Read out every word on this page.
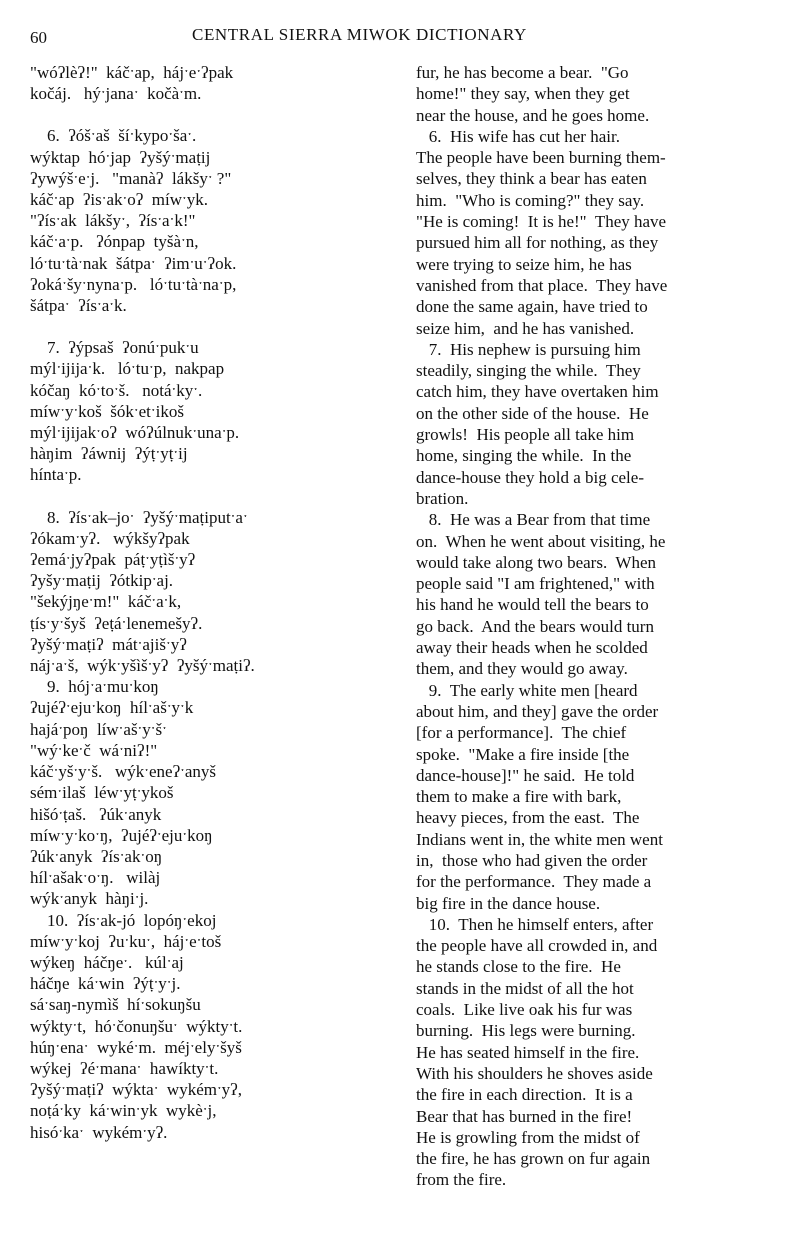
60	CENTRAL SIERRA MIWOK DICTIONARY
"wóʔlèʔ!"  káčˑap,  hájˑeˑʔpak
kočáj.   hýˑjanaˑ  kočàˑm.
6.  ʔóšˑaš  šíˑkypoˑšaˑ.
wýktap  hóˑjap  ʔyšýˑmaṭij
ʔywýšˑeˑj.   "manàʔ  lákšyˑ ?"
káčˑap  ʔisˑakˑoʔ  míwˑyk.
"ʔísˑak  lákšyˑ,  ʔísˑaˑk!"
káčˑaˑp.   ʔónpap  tyšàˑn,
lóˑtuˑtàˑnak  šátpaˑ  ʔimˑuˑʔok.
ʔokáˑšyˑnynaˑp.   lóˑtuˑtàˑnaˑp,
šátpaˑ  ʔísˑaˑk.
7.  ʔýpsaš  ʔonúˑpukˑu
mýlˑijijaˑk.   lóˑtuˑp,  nakpap
kóčaŋ  kóˑtoˑš.   notáˑkyˑ.
míwˑyˑkoš  šókˑetˑikoš
mýlˑijijakˑoʔ  wóʔúlnukˑunaˑp.
hàŋim  ʔáwnij  ʔýṭˑyṭˑij
híntaˑp.
8.  ʔísˑak–joˑ  ʔyšýˑmaṭiputˑaˑ
ʔókamˑyʔ.   wýkšyʔpak
ʔemáˑjyʔpak  páṭˑyṭìšˑyʔ
ʔyšyˑmaṭij  ʔótkipˑaj.
"šekýjŋeˑm!"  káčˑaˑk,
ṭísˑyˑšyš  ʔeṭáˑlenemešyʔ.
ʔyšýˑmaṭiʔ  mátˑajišˑyʔ
nájˑaˑš,  wýkˑyšìšˑyʔ  ʔyšýˑmaṭiʔ.
9.  hójˑaˑmuˑkoŋ
ʔujéʔˑejuˑkoŋ  hílˑašˑyˑk
hajáˑpoŋ  líwˑašˑyˑšˑ
"wýˑkeˑč  wáˑniʔ!"
káčˑyšˑyˑš.   wýkˑeneʔˑanyš
sémˑilaš  léwˑyṭˑykoš
hišóˑṭaš.   ʔúkˑanyk
míwˑyˑkoˑŋ,  ʔujéʔˑejuˑkoŋ
ʔúkˑanyk  ʔísˑakˑoŋ
hílˑašakˑoˑŋ.   wilàj
wýkˑanyk  hàŋiˑj.
10.  ʔísˑak-jó  lopóŋˑekoj
míwˑyˑkoj  ʔuˑkuˑ,  hájˑeˑtoš
wýkeŋ  háčŋeˑ.   kúlˑaj
háčŋe  káˑwin  ʔýṭˑyˑj.
sáˑsaŋ-nymìš  híˑsokuŋšu
wýktyˑt,  hóˑčonuŋšuˑ  wýktyˑt.
húŋˑenaˑ  wykéˑm.  méjˑelyˑšyš
wýkej  ʔéˑmanaˑ  hawíktyˑt.
ʔyšýˑmaṭiʔ  wýktaˑ  wykémˑyʔ,
noṭáˑky  káˑwinˑyk  wykèˑj,
hisóˑkaˑ  wykémˑyʔ.
fur, he has become a bear.  "Go
home!" they say, when they get
near the house, and he goes home.
6.  His wife has cut her hair.
The people have been burning them-
selves, they think a bear has eaten
him.  "Who is coming?" they say.
"He is coming!  It is he!"  They have
pursued him all for nothing, as they
were trying to seize him, he has
vanished from that place.  They have
done the same again, have tried to
seize him,  and he has vanished.
7.  His nephew is pursuing him
steadily, singing the while.  They
catch him, they have overtaken him
on the other side of the house.  He
growls!  His people all take him
home, singing the while.  In the
dance-house they hold a big cele-
bration.
8.  He was a Bear from that time
on.  When he went about visiting, he
would take along two bears.  When
people said "I am frightened," with
his hand he would tell the bears to
go back.  And the bears would turn
away their heads when he scolded
them, and they would go away.
9.  The early white men [heard
about him, and they] gave the order
[for a performance].  The chief
spoke.  "Make a fire inside [the
dance-house]!" he said.  He told
them to make a fire with bark,
heavy pieces, from the east.  The
Indians went in, the white men went
in,  those who had given the order
for the performance.  They made a
big fire in the dance house.
10.  Then he himself enters, after
the people have all crowded in, and
he stands close to the fire.  He
stands in the midst of all the hot
coals.  Like live oak his fur was
burning.  His legs were burning.
He has seated himself in the fire.
With his shoulders he shoves aside
the fire in each direction.  It is a
Bear that has burned in the fire!
He is growling from the midst of
the fire, he has grown on fur again
from the fire.
